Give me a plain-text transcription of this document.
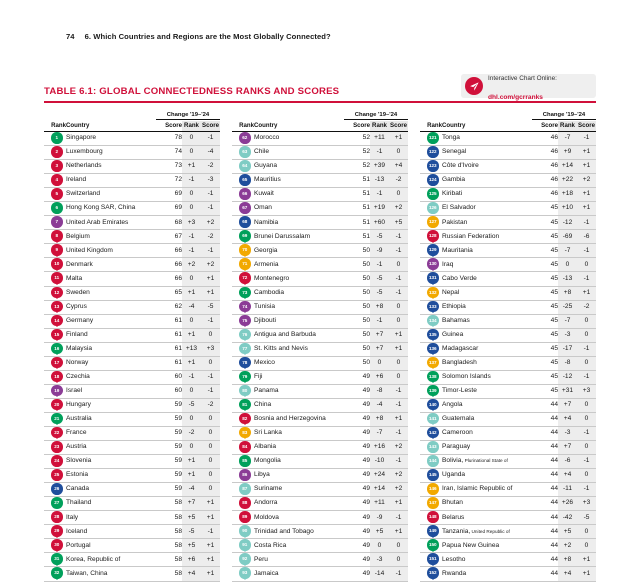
74 6. Which Countries and Regions are the Most Globally Connected?
TABLE 6.1: GLOBAL CONNECTEDNESS RANKS AND SCORES
Interactive Chart Online:
dhl.com/gcrranks
Change '19–'24
Rank	Country	Score	Rank	Score
1	Singapore	78	0	-1
2	Luxembourg	74	0	-4
3	Netherlands	73	+1	-2
4	Ireland	72	-1	-3
5	Switzerland	69	0	-1
6	Hong Kong SAR, China	69	0	-1
7	United Arab Emirates	68	+3	+2
8	Belgium	67	-1	-2
9	United Kingdom	66	-1	-1
10	Denmark	66	+2	+2
11	Malta	66	0	+1
12	Sweden	65	+1	+1
13	Cyprus	62	-4	-5
14	Germany	61	0	-1
15	Finland	61	+1	0
16	Malaysia	61	+13	+3
17	Norway	61	+1	0
18	Czechia	60	-1	-1
19	Israel	60	0	-1
20	Hungary	59	-5	-2
21	Australia	59	0	0
22	France	59	-2	0
23	Austria	59	0	0
24	Slovenia	59	+1	0
25	Estonia	59	+1	0
26	Canada	59	-4	0
27	Thailand	58	+7	+1
28	Italy	58	+5	+1
29	Iceland	58	-5	-1
30	Portugal	58	+5	+1
31	Korea, Republic of	58	+6	+1
32	Taiwan, China	58	+4	+1
Change '19–'24
Rank	Country	Score	Rank	Score
62	Morocco	52	+11	+1
63	Chile	52	-1	0
64	Guyana	52	+39	+4
65	Mauritius	51	-13	-2
66	Kuwait	51	-1	0
67	Oman	51	+19	+2
68	Namibia	51	+60	+5
69	Brunei Darussalam	51	-5	-1
70	Georgia	50	-9	-1
71	Armenia	50	-1	0
72	Montenegro	50	-5	-1
73	Cambodia	50	-5	-1
74	Tunisia	50	+8	0
75	Djibouti	50	-1	0
76	Antigua and Barbuda	50	+7	+1
77	St. Kitts and Nevis	50	+7	+1
78	Mexico	50	0	0
79	Fiji	49	+6	0
80	Panama	49	-8	-1
81	China	49	-4	-1
82	Bosnia and Herzegovina	49	+8	+1
83	Sri Lanka	49	-7	-1
84	Albania	49	+16	+2
85	Mongolia	49	-10	-1
86	Libya	49	+24	+2
87	Suriname	49	+14	+2
88	Andorra	49	+11	+1
89	Moldova	49	-9	-1
90	Trinidad and Tobago	49	+5	+1
91	Costa Rica	49	0	0
92	Peru	49	-3	0
93	Jamaica	49	-14	-1
Change '19–'24
Rank	Country	Score	Rank	Score
121	Tonga	46	-7	-1
122	Senegal	46	+9	+1
123	Côte d'Ivoire	46	+14	+1
124	Gambia	46	+22	+2
125	Kiribati	46	+18	+1
126	El Salvador	45	+10	+1
127	Pakistan	45	-12	-1
128	Russian Federation	45	-69	-6
129	Mauritania	45	-7	-1
130	Iraq	45	0	0
131	Cabo Verde	45	-13	-1
132	Nepal	45	+8	+1
133	Ethiopia	45	-25	-2
134	Bahamas	45	-7	0
135	Guinea	45	-3	0
136	Madagascar	45	-17	-1
137	Bangladesh	45	-8	0
138	Solomon Islands	45	-12	-1
139	Timor-Leste	45	+31	+3
140	Angola	44	+7	0
141	Guatemala	44	+4	0
142	Cameroon	44	-3	-1
143	Paraguay	44	+7	0
144	Bolivia, Plurinational State of	44	-6	-1
145	Uganda	44	+4	0
146	Iran, Islamic Republic of	44	-11	-1
147	Bhutan	44	+26	+3
148	Belarus	44	-42	-5
149	Tanzania, United Republic of	44	+5	0
150	Papua New Guinea	44	+2	0
151	Lesotho	44	+8	+1
152	Rwanda	44	+4	+1
